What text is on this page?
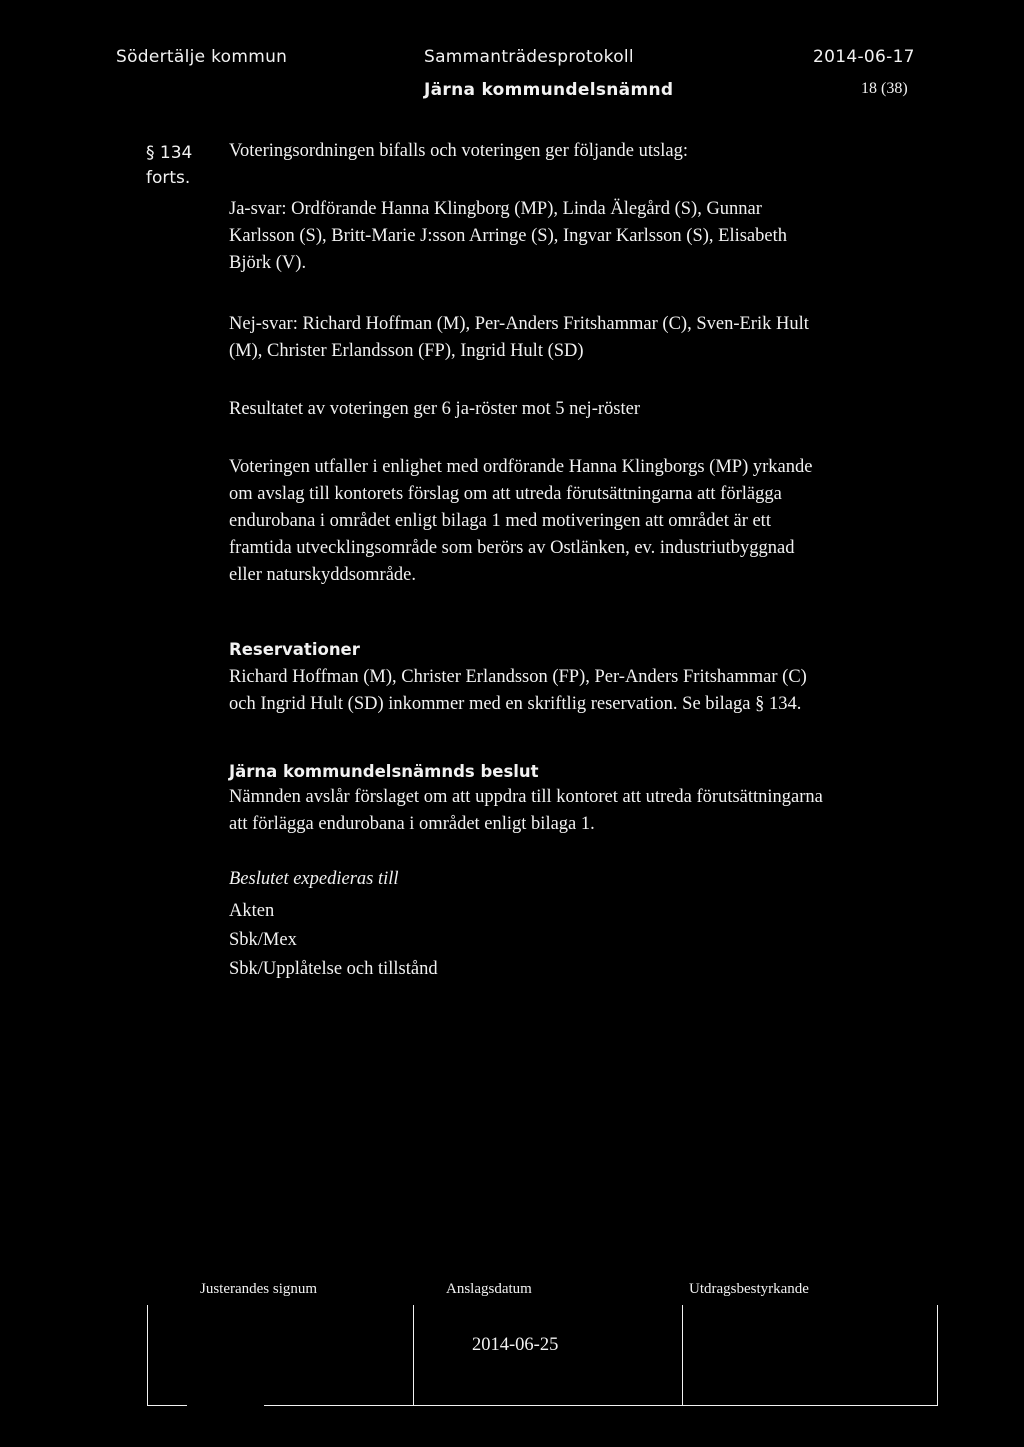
Södertälje kommun	Sammanträdesprotokoll	2014-06-17
Järna kommundelsnämnd	18 (38)
§ 134
forts.

Voteringsordningen bifalls och voteringen ger följande utslag:

Ja-svar: Ordförande Hanna Klingborg (MP), Linda Älegård (S), Gunnar

Karlsson (S), Britt-Marie J:sson Arringe (S), Ingvar Karlsson (S), Elisabeth

Björk (V).

Nej-svar: Richard Hoffman (M), Per-Anders Fritshammar (C), Sven-Erik Hult

(M), Christer Erlandsson (FP), Ingrid Hult (SD)

Resultatet av voteringen ger 6 ja-röster mot 5 nej-röster

Voteringen utfaller i enlighet med ordförande Hanna Klingborgs (MP) yrkande

om avslag till kontorets förslag om att utreda förutsättningarna att förlägga

endurobana i området enligt bilaga 1 med motiveringen att området är ett

framtida utvecklingsområde som berörs av Ostlänken, ev. industriutbyggnad

eller naturskyddsområde.

Reservationer

Richard Hoffman (M), Christer Erlandsson (FP), Per-Anders Fritshammar (C)

och Ingrid Hult (SD) inkommer med en skriftlig reservation. Se bilaga § 134.

Järna kommundelsnämnds beslut

Nämnden avslår förslaget om att uppdra till kontoret att utreda förutsättningarna

att förlägga endurobana i området enligt bilaga 1.

Beslutet expedieras till

Akten

Sbk/Mex

Sbk/Upplåtelse och tillstånd

Justerandes signum	Anslagsdatum	Utdragsbestyrkande
2014-06-25
